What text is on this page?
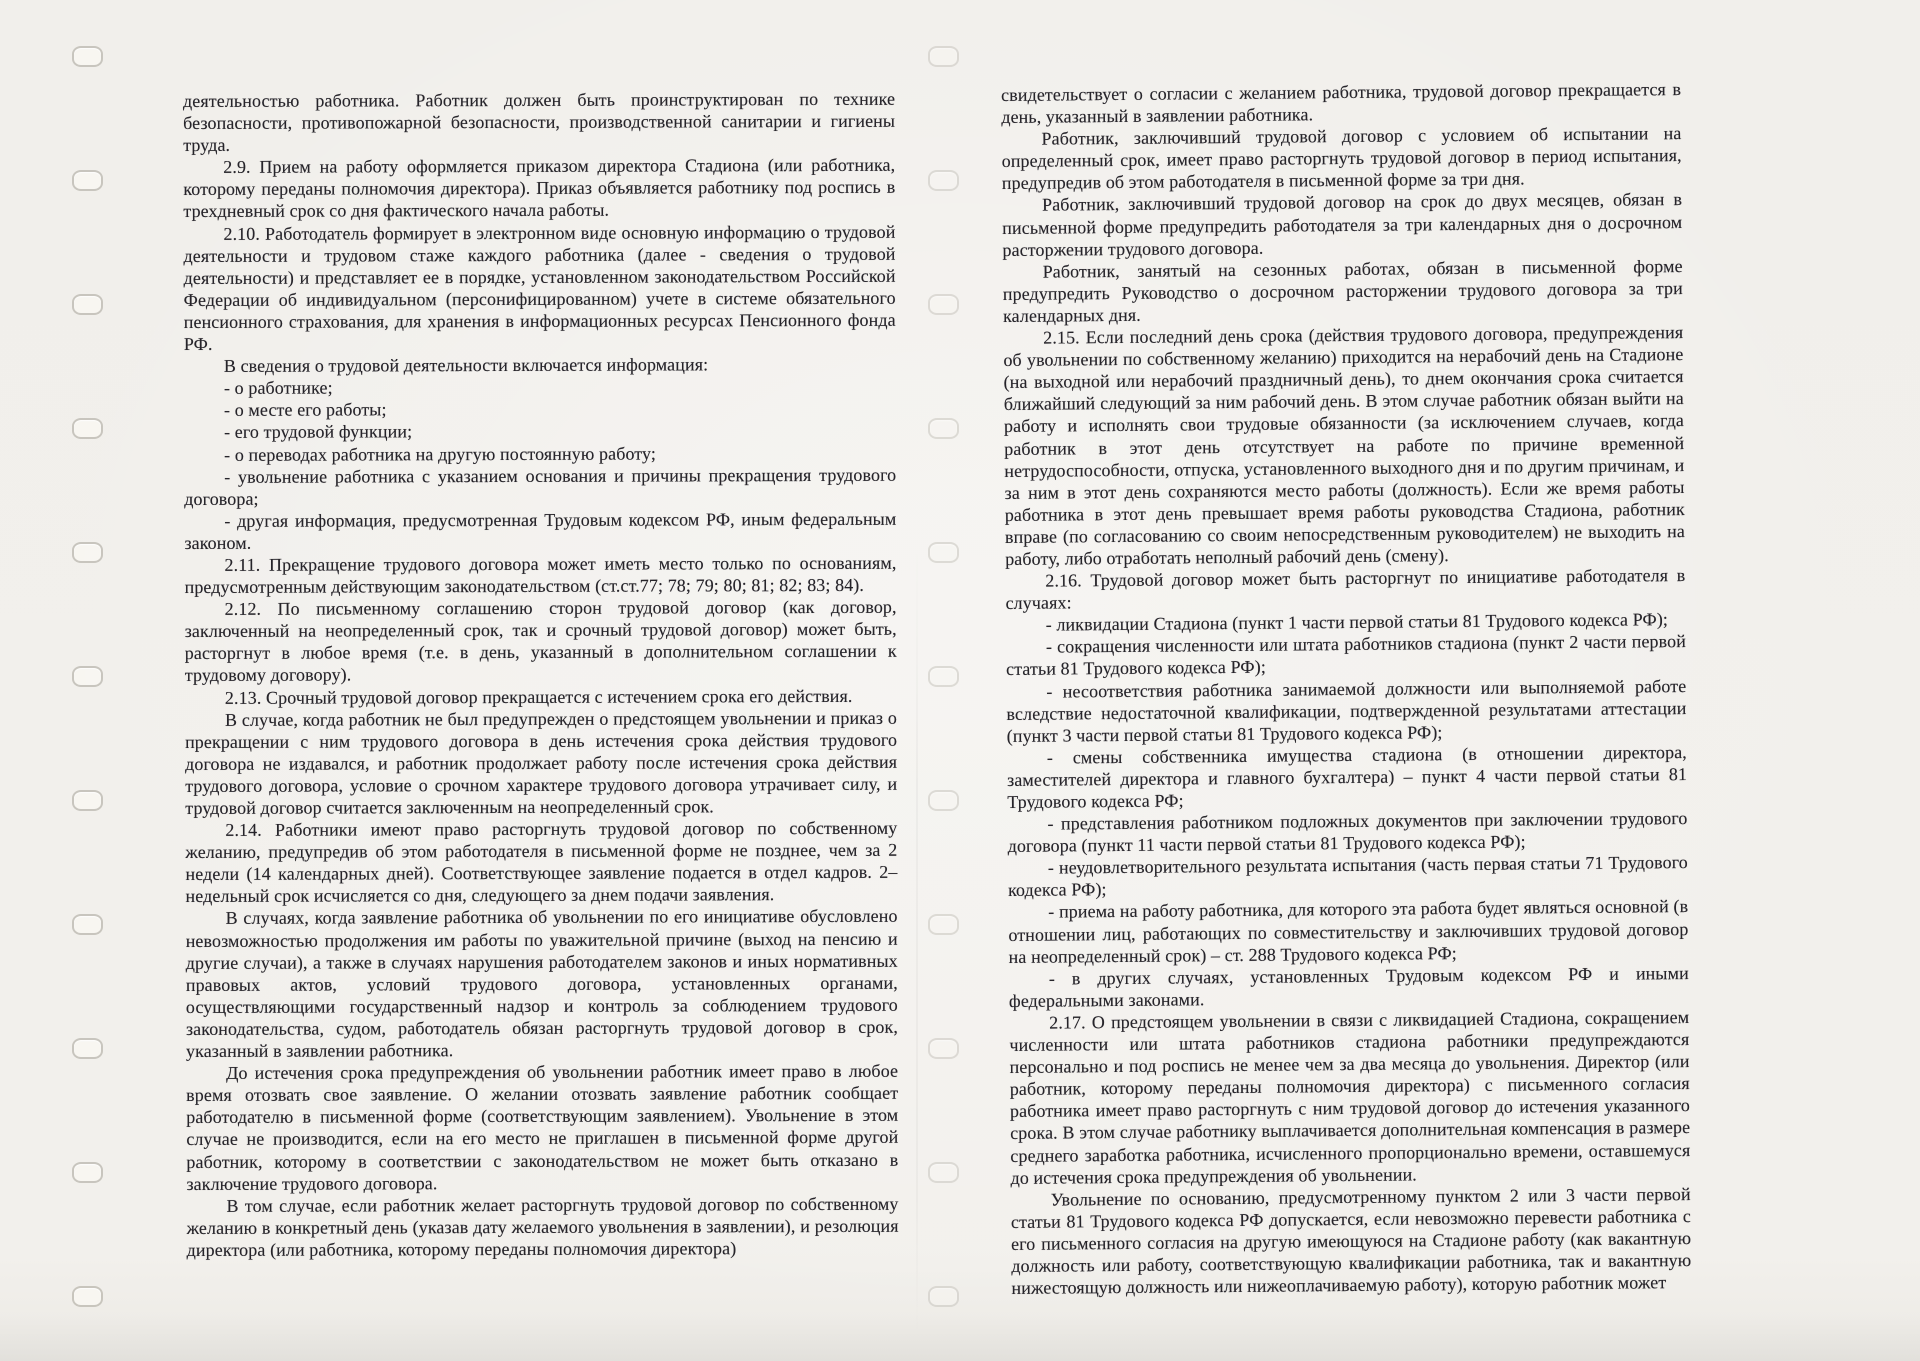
деятельностью работника. Работник должен быть проинструктирован по технике безопасности, противопожарной безопасности, производственной санитарии и гигиены труда.

2.9. Прием на работу оформляется приказом директора Стадиона (или работника, которому переданы полномочия директора). Приказ объявляется работнику под роспись в трехдневный срок со дня фактического начала работы.

2.10. Работодатель формирует в электронном виде основную информацию о трудовой деятельности и трудовом стаже каждого работника (далее - сведения о трудовой деятельности) и представляет ее в порядке, установленном законодательством Российской Федерации об индивидуальном (персонифицированном) учете в системе обязательного пенсионного страхования, для хранения в информационных ресурсах Пенсионного фонда РФ.

В сведения о трудовой деятельности включается информация:

- о работнике;

- о месте его работы;

- его трудовой функции;

- о переводах работника на другую постоянную работу;

- увольнение работника с указанием основания и причины прекращения трудового договора;

- другая информация, предусмотренная Трудовым кодексом РФ, иным федеральным законом.

2.11. Прекращение трудового договора может иметь место только по основаниям, предусмотренным действующим законодательством (ст.ст.77; 78; 79; 80; 81; 82; 83; 84).

2.12. По письменному соглашению сторон трудовой договор (как договор, заключенный на неопределенный срок, так и срочный трудовой договор) может быть, расторгнут в любое время (т.е. в день, указанный в дополнительном соглашении к трудовому договору).

2.13. Срочный трудовой договор прекращается с истечением срока его действия.

В случае, когда работник не был предупрежден о предстоящем увольнении и приказ о прекращении с ним трудового договора в день истечения срока действия трудового договора не издавался, и работник продолжает работу после истечения срока действия трудового договора, условие о срочном характере трудового договора утрачивает силу, и трудовой договор считается заключенным на неопределенный срок.

2.14. Работники имеют право расторгнуть трудовой договор по собственному желанию, предупредив об этом работодателя в письменной форме не позднее, чем за 2 недели (14 календарных дней). Соответствующее заявление подается в отдел кадров. 2–недельный срок исчисляется со дня, следующего за днем подачи заявления.

В случаях, когда заявление работника об увольнении по его инициативе обусловлено невозможностью продолжения им работы по уважительной причине (выход на пенсию и другие случаи), а также в случаях нарушения работодателем законов и иных нормативных правовых актов, условий трудового договора, установленных органами, осуществляющими государственный надзор и контроль за соблюдением трудового законодательства, судом, работодатель обязан расторгнуть трудовой договор в срок, указанный в заявлении работника.

До истечения срока предупреждения об увольнении работник имеет право в любое время отозвать свое заявление. О желании отозвать заявление работник сообщает работодателю в письменной форме (соответствующим заявлением). Увольнение в этом случае не производится, если на его место не приглашен в письменной форме другой работник, которому в соответствии с законодательством не может быть отказано в заключение трудового договора.

В том случае, если работник желает расторгнуть трудовой договор по собственному желанию в конкретный день (указав дату желаемого увольнения в заявлении), и резолюция директора (или работника, которому переданы полномочия директора)

свидетельствует о согласии с желанием работника, трудовой договор прекращается в день, указанный в заявлении работника.

Работник, заключивший трудовой договор с условием об испытании на определенный срок, имеет право расторгнуть трудовой договор в период испытания, предупредив об этом работодателя в письменной форме за три дня.

Работник, заключивший трудовой договор на срок до двух месяцев, обязан в письменной форме предупредить работодателя за три календарных дня о досрочном расторжении трудового договора.

Работник, занятый на сезонных работах, обязан в письменной форме предупредить Руководство о досрочном расторжении трудового договора за три календарных дня.

2.15. Если последний день срока (действия трудового договора, предупреждения об увольнении по собственному желанию) приходится на нерабочий день на Стадионе (на выходной или нерабочий праздничный день), то днем окончания срока считается ближайший следующий за ним рабочий день. В этом случае работник обязан выйти на работу и исполнять свои трудовые обязанности (за исключением случаев, когда работник в этот день отсутствует на работе по причине временной нетрудоспособности, отпуска, установленного выходного дня и по другим причинам, и за ним в этот день сохраняются место работы (должность). Если же время работы работника в этот день превышает время работы руководства Стадиона, работник вправе (по согласованию со своим непосредственным руководителем) не выходить на работу, либо отработать неполный рабочий день (смену).

2.16. Трудовой договор может быть расторгнут по инициативе работодателя в случаях:

- ликвидации Стадиона (пункт 1 части первой статьи 81 Трудового кодекса РФ);

- сокращения численности или штата работников стадиона (пункт 2 части первой статьи 81 Трудового кодекса РФ);

- несоответствия работника занимаемой должности или выполняемой работе вследствие недостаточной квалификации, подтвержденной результатами аттестации (пункт 3 части первой статьи 81 Трудового кодекса РФ);

- смены собственника имущества стадиона (в отношении директора, заместителей директора и главного бухгалтера) – пункт 4 части первой статьи 81 Трудового кодекса РФ;

- представления работником подложных документов при заключении трудового договора (пункт 11 части первой статьи 81 Трудового кодекса РФ);

- неудовлетворительного результата испытания (часть первая статьи 71 Трудового кодекса РФ);

- приема на работу работника, для которого эта работа будет являться основной (в отношении лиц, работающих по совместительству и заключивших трудовой договор на неопределенный срок) – ст. 288 Трудового кодекса РФ;

- в других случаях, установленных Трудовым кодексом РФ и иными федеральными законами.

2.17. О предстоящем увольнении в связи с ликвидацией Стадиона, сокращением численности или штата работников стадиона работники предупреждаются персонально и под роспись не менее чем за два месяца до увольнения. Директор (или работник, которому переданы полномочия директора) с письменного согласия работника имеет право расторгнуть с ним трудовой договор до истечения указанного срока. В этом случае работнику выплачивается дополнительная компенсация в размере среднего заработка работника, исчисленного пропорционально времени, оставшемуся до истечения срока предупреждения об увольнении.

Увольнение по основанию, предусмотренному пунктом 2 или 3 части первой статьи 81 Трудового кодекса РФ допускается, если невозможно перевести работника с его письменного согласия на другую имеющуюся на Стадионе работу (как вакантную должность или работу, соответствующую квалификации работника, так и вакантную нижестоящую должность или нижеоплачиваемую работу), которую работник может
